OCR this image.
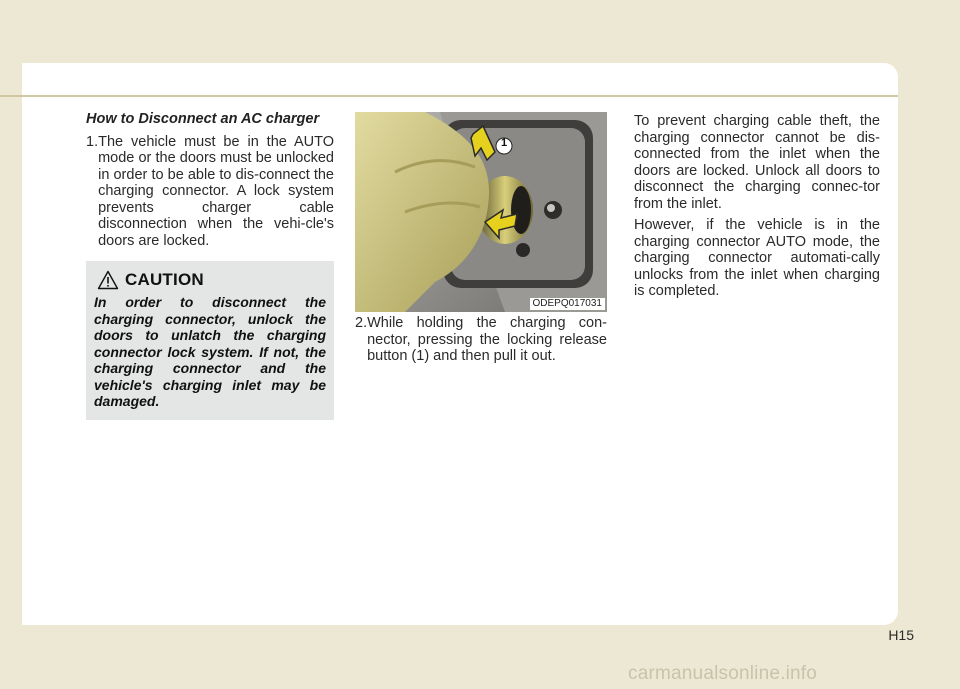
How to Disconnect an AC charger
1. The vehicle must be in the AUTO mode or the doors must be unlocked in order to be able to dis-connect the charging connector. A lock system prevents charger cable disconnection when the vehi-cle's doors are locked.
CAUTION
In order to disconnect the charging connector, unlock the doors to unlatch the charging connector lock system. If not, the charging connector and the vehicle's charging inlet may be damaged.
1
ODEPQ017031
2. While holding the charging con-nector, pressing the locking release button (1) and then pull it out.

To prevent charging cable theft, the charging connector cannot be dis-connected from the inlet when the doors are locked. Unlock all doors to disconnect the charging connec-tor from the inlet.

However, if the vehicle is in the charging connector AUTO mode, the charging connector automati-cally unlocks from the inlet when charging is completed.

H15
carmanualsonline.info
